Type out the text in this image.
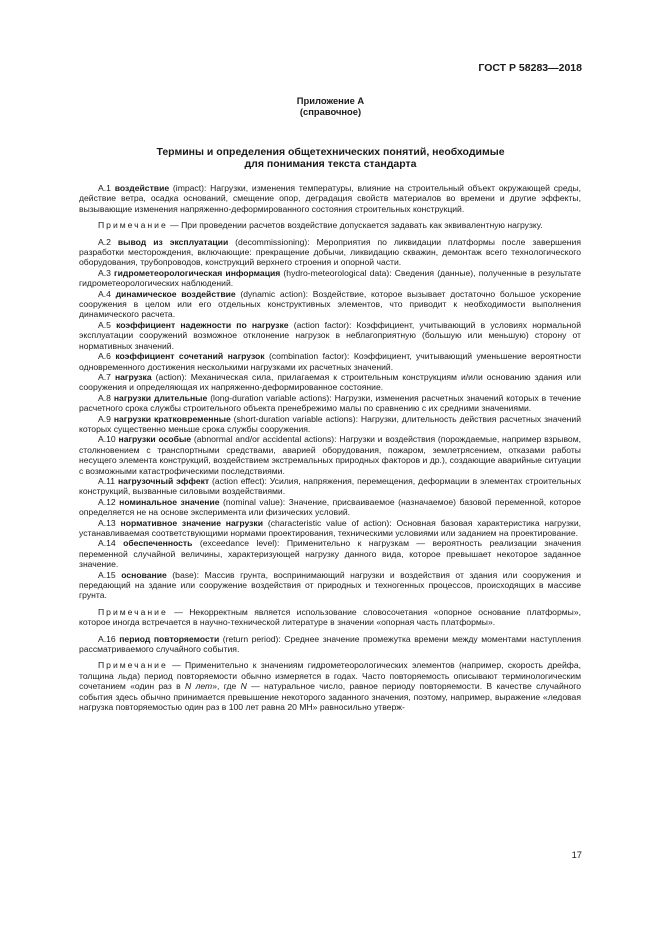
ГОСТ Р 58283—2018
Приложение А
(справочное)
Термины и определения общетехнических понятий, необходимые
для понимания текста стандарта

А.1 воздействие (impact): Нагрузки, изменения температуры, влияние на строительный объект окружающей среды, действие ветра, осадка оснований, смещение опор, деградация свойств материалов во времени и другие эффекты, вызывающие изменения напряженно-деформированного состояния строительных конструкций.

Примечание — При проведении расчетов воздействие допускается задавать как эквивалентную нагрузку.

А.2 вывод из эксплуатации (decommissioning): Мероприятия по ликвидации платформы после завершения разработки месторождения, включающие: прекращение добычи, ликвидацию скважин, демонтаж всего технологического оборудования, трубопроводов, конструкций верхнего строения и опорной части.

А.3 гидрометеорологическая информация (hydro-meteorological data): Сведения (данные), полученные в результате гидрометеорологических наблюдений.

А.4 динамическое воздействие (dynamic action): Воздействие, которое вызывает достаточно большое ускорение сооружения в целом или его отдельных конструктивных элементов, что приводит к необходимости выполнения динамического расчета.

А.5 коэффициент надежности по нагрузке (action factor): Коэффициент, учитывающий в условиях нормальной эксплуатации сооружений возможное отклонение нагрузок в неблагоприятную (большую или меньшую) сторону от нормативных значений.

А.6 коэффициент сочетаний нагрузок (combination factor): Коэффициент, учитывающий уменьшение вероятности одновременного достижения несколькими нагрузками их расчетных значений.

А.7 нагрузка (action): Механическая сила, прилагаемая к строительным конструкциям и/или основанию здания или сооружения и определяющая их напряженно-деформированное состояние.

А.8 нагрузки длительные (long-duration variable actions): Нагрузки, изменения расчетных значений которых в течение расчетного срока службы строительного объекта пренебрежимо малы по сравнению с их средними значениями.

А.9 нагрузки кратковременные (short-duration variable actions): Нагрузки, длительность действия расчетных значений которых существенно меньше срока службы сооружения.

А.10 нагрузки особые (abnormal and/or accidental actions): Нагрузки и воздействия (порождаемые, например взрывом, столкновением с транспортными средствами, аварией оборудования, пожаром, землетрясением, отказами работы несущего элемента конструкций, воздействием экстремальных природных факторов и др.), создающие аварийные ситуации с возможными катастрофическими последствиями.

А.11 нагрузочный эффект (action effect): Усилия, напряжения, перемещения, деформации в элементах строительных конструкций, вызванные силовыми воздействиями.

А.12 номинальное значение (nominal value): Значение, присваиваемое (назначаемое) базовой переменной, которое определяется не на основе эксперимента или физических условий.

А.13 нормативное значение нагрузки (characteristic value of action): Основная базовая характеристика нагрузки, устанавливаемая соответствующими нормами проектирования, техническими условиями или заданием на проектирование.

А.14 обеспеченность (exceedance level): Применительно к нагрузкам — вероятность реализации значения переменной случайной величины, характеризующей нагрузку данного вида, которое превышает некоторое заданное значение.

А.15 основание (base): Массив грунта, воспринимающий нагрузки и воздействия от здания или сооружения и передающий на здание или сооружение воздействия от природных и техногенных процессов, происходящих в массиве грунта.

Примечание — Некорректным является использование словосочетания «опорное основание платформы», которое иногда встречается в научно-технической литературе в значении «опорная часть платформы».

А.16 период повторяемости (return period): Среднее значение промежутка времени между моментами наступления рассматриваемого случайного события.

Примечание — Применительно к значениям гидрометеорологических элементов (например, скорость дрейфа, толщина льда) период повторяемости обычно измеряется в годах. Часто повторяемость описывают терминологическим сочетанием «один раз в N лет», где N — натуральное число, равное периоду повторяемости. В качестве случайного события здесь обычно принимается превышение некоторого заданного значения, поэтому, например, выражение «ледовая нагрузка повторяемостью один раз в 100 лет равна 20 МН» равносильно утверж-

17
